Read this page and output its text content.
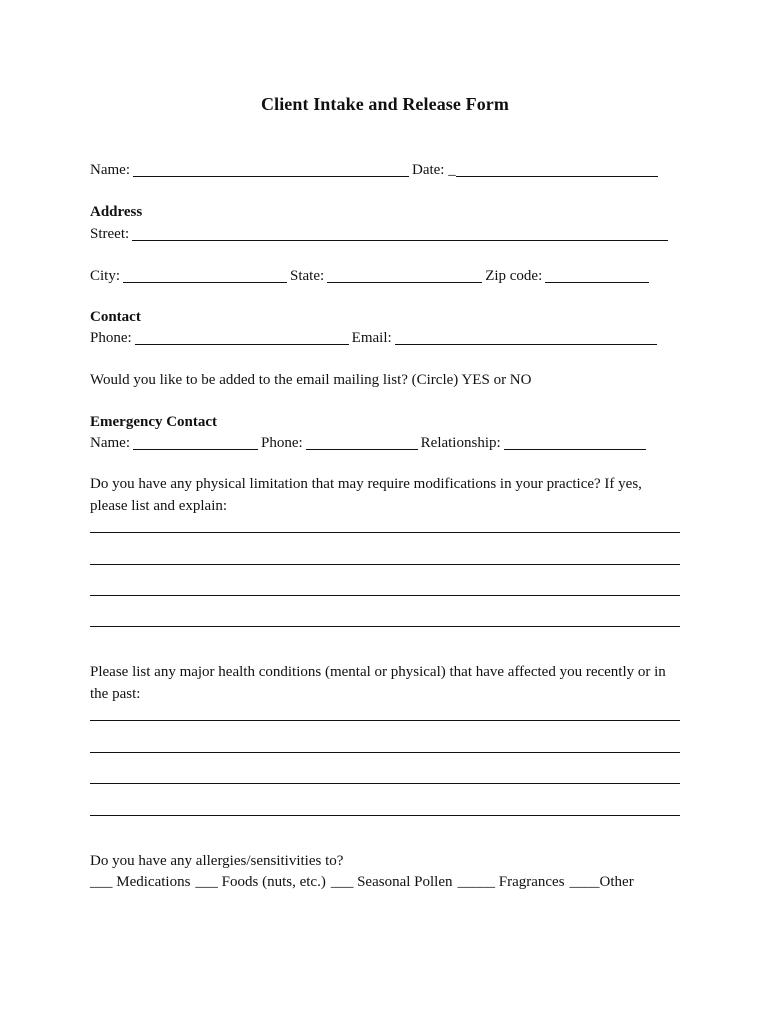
Client Intake and Release Form
Name:	Date: _
Address
Street:
City:	State:	Zip code:
Contact
Phone:	Email:
Would you like to be added to the email mailing list? (Circle) YES or NO
Emergency Contact
Name:	Phone:	Relationship:
Do you have any physical limitation that may require modifications in your practice? If yes, please list and explain:
Please list any major health conditions (mental or physical) that have affected you recently or in the past:
Do you have any allergies/sensitivities to?
___ Medications ___ Foods (nuts, etc.) ___ Seasonal Pollen _____ Fragrances ____Other
